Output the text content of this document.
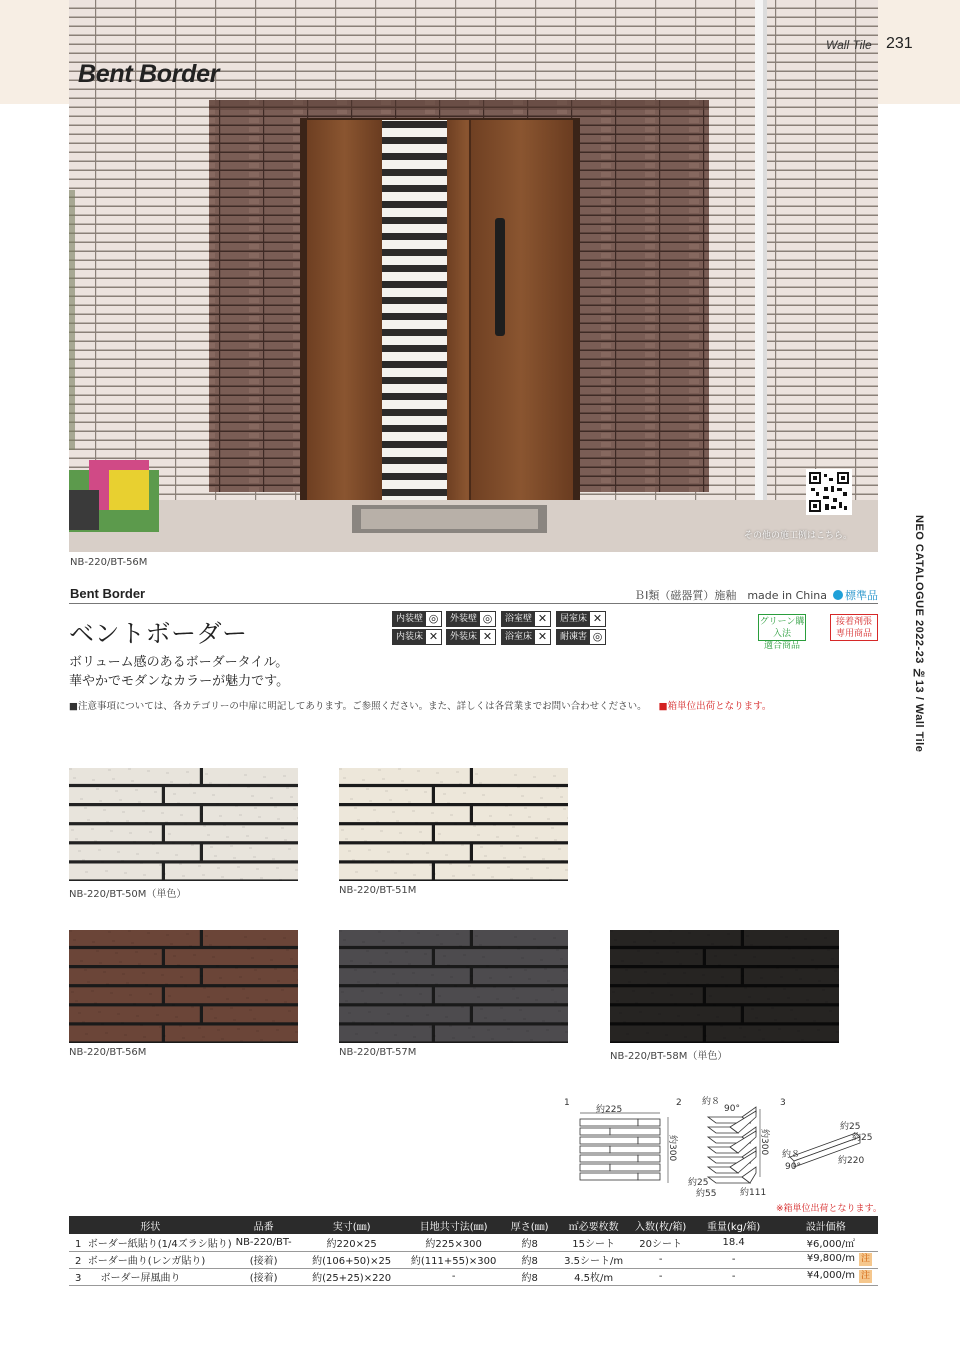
Bent Border
その他の施工例はこちら。
Wall Tile 231
NEO CATALOGUE 2022-23 №13 / Wall Tile
NB-220/BT-56M
Bent Border	ＢⅠ類（磁器質）施釉　made in China 標準品
ベントボーダー	内装壁 ◎	外装壁 ◎	浴室壁 ✕	居室床 ✕
内装床 ✕	外装床 ✕	浴室床 ✕	耐凍害 ◎
グリーン購入法
適合商品
接着剤張
専用商品
ボリューム感のあるボーダータイル。
華やかでモダンなカラーが魅力です。
■注意事項については、各カテゴリーの中扉に明記してあります。ご参照ください。また、詳しくは各営業までお問い合わせください。 ■箱単位出荷となります。
NB-220/BT-50M（単色）	NB-220/BT-51M
NB-220/BT-56M	NB-220/BT-57M	NB-220/BT-58M（単色）
1
約225
約300
2 約８
90°
約300
約25
約55	約111
3
約25
約25
約220
約８
90°
※箱単位出荷となります。
形状	品番	実寸(㎜)	目地共寸法(㎜)	厚さ(㎜)	㎡必要枚数	入数(枚/箱)	重量(kg/箱)	設計価格
1 ボーダー紙貼り(1/4ズラシ貼り)	NB-220/BT-	約220×25	約225×300	約8	15シート	20シート	18.4	¥6,000/㎡
2 ボーダー曲り(レンガ貼り)	(接着)	約(106+50)×25	約(111+55)×300	約8	3.5シート/m	-	-	¥9,800/m 注
3 ボーダー屏風曲り	(接着)	約(25+25)×220	-	約8	4.5枚/m	-	-	¥4,000/m 注
